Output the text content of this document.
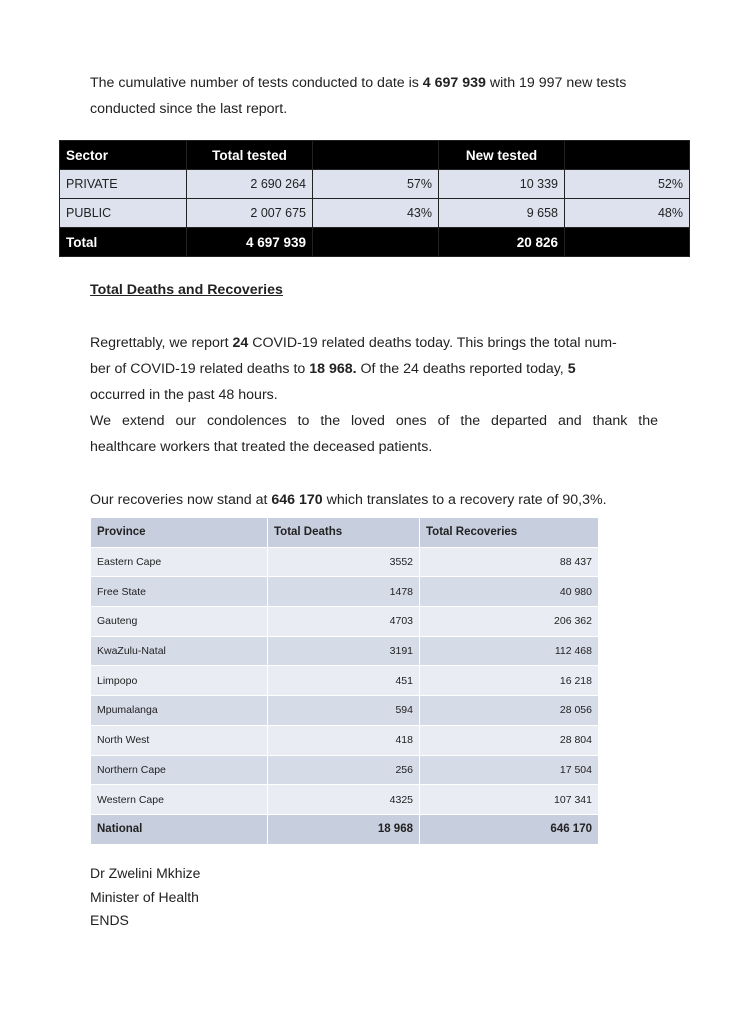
The cumulative number of tests conducted to date is 4 697 939 with 19 997 new tests
conducted since the last report.
Sector	Total tested		New tested	
PRIVATE	2 690 264	57%	10 339	52%
PUBLIC	2 007 675	43%	9 658	48%
Total	4 697 939		20 826	
Total Deaths and Recoveries
Regrettably, we report 24 COVID-19 related deaths today. This brings the total num-
ber of COVID-19 related deaths to 18 968. Of the 24 deaths reported today, 5
occurred in the past 48 hours.
We extend our condolences to the loved ones of the departed and thank the
healthcare workers that treated the deceased patients.
Our recoveries now stand at 646 170 which translates to a recovery rate of 90,3%.
Province	Total Deaths	Total Recoveries
Eastern Cape	3552	88 437
Free State	1478	40 980
Gauteng	4703	206 362
KwaZulu-Natal	3191	112 468
Limpopo	451	16 218
Mpumalanga	594	28 056
North West	418	28 804
Northern Cape	256	17 504
Western Cape	4325	107 341
National	18 968	646 170
Dr Zwelini Mkhize
Minister of Health
ENDS
